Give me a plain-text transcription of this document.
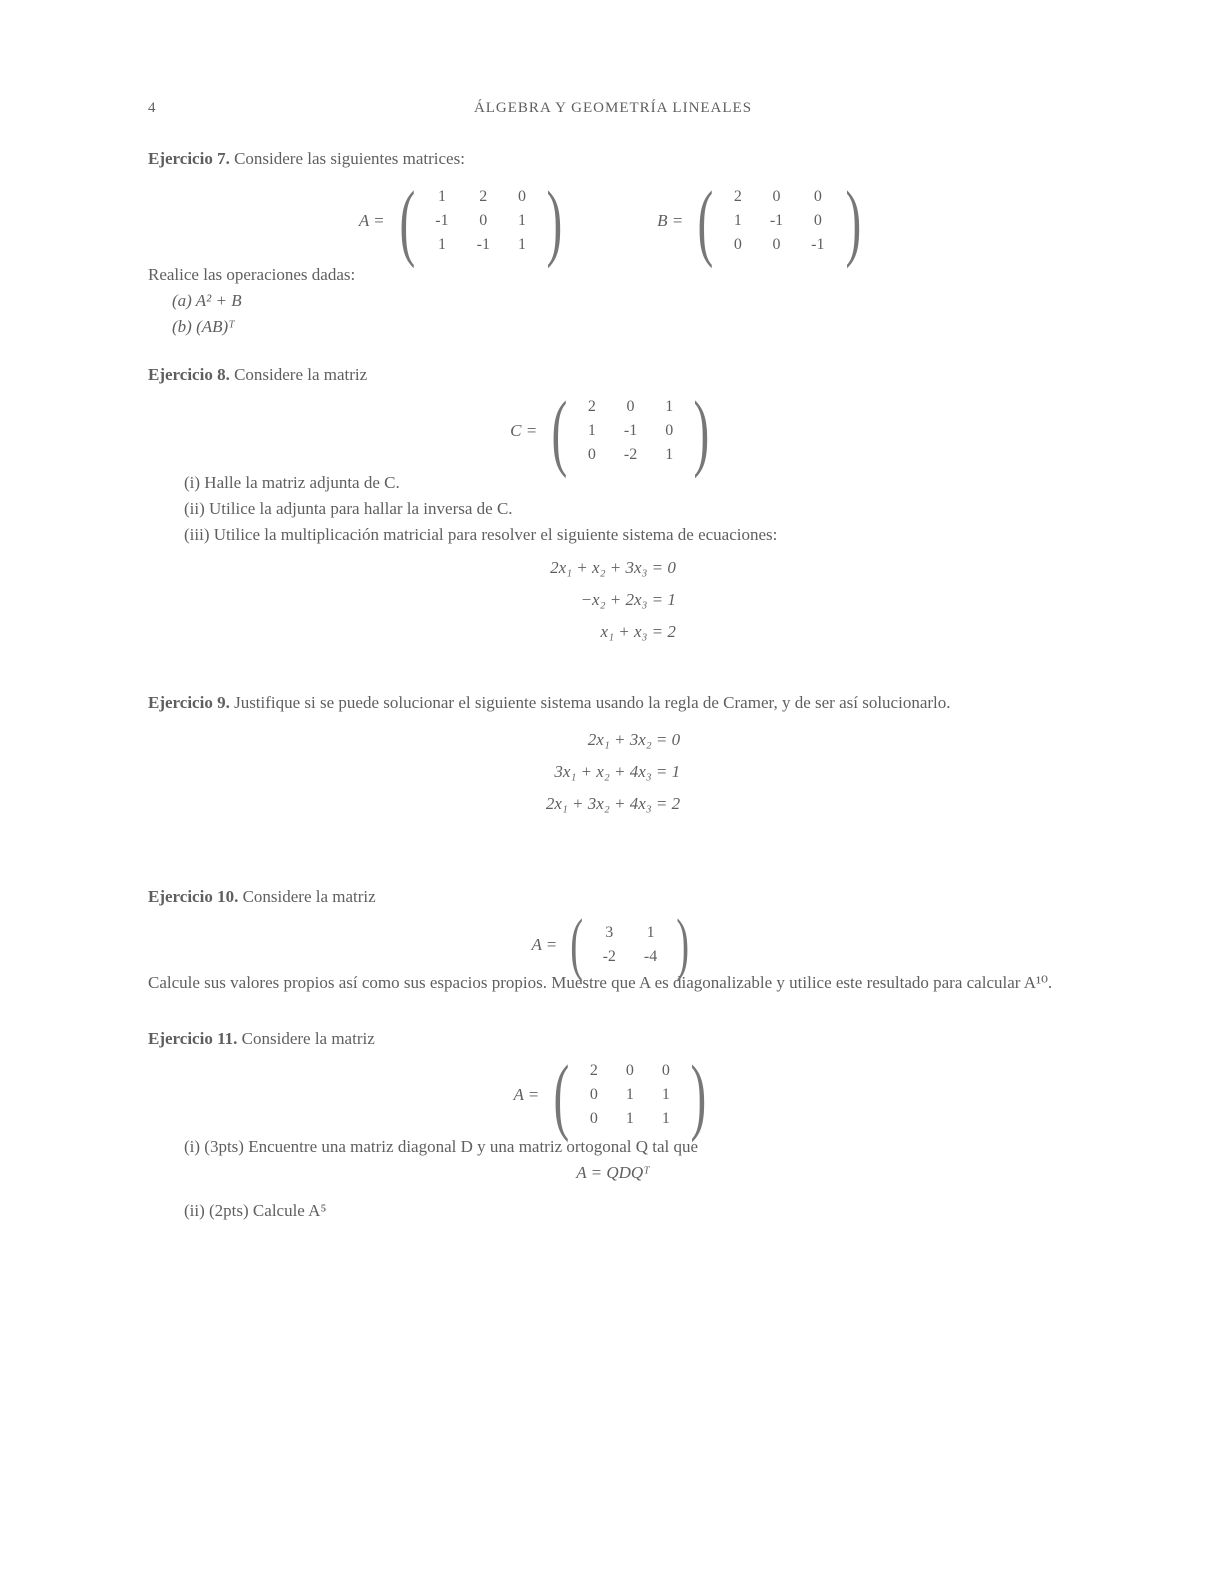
4	ÁLGEBRA Y GEOMETRÍA LINEALES
Ejercicio 7. Considere las siguientes matrices:
A = ( 1	2	0
-1	0	1
1	-1	1 )
	B = ( 2	0	0
1	-1	0
0	0	-1 )
Realice las operaciones dadas:
(a) A² + B
(b) (AB)ᵀ
Ejercicio 8. Considere la matriz
C = ( 2	0	1
1	-1	0
0	-2	1 )
(i) Halle la matriz adjunta de C.
(ii) Utilice la adjunta para hallar la inversa de C.
(iii) Utilice la multiplicación matricial para resolver el siguiente sistema de ecuaciones:
2x₁ + x₂ + 3x₃ = 0
−x₂ + 2x₃ = 1
x₁ + x₃ = 2
Ejercicio 9. Justifique si se puede solucionar el siguiente sistema usando la regla de Cramer, y de ser así solucionarlo.
2x₁ + 3x₂ = 0
3x₁ + x₂ + 4x₃ = 1
2x₁ + 3x₂ + 4x₃ = 2
Ejercicio 10. Considere la matriz
A = ( 3	1
-2	-4 )
Calcule sus valores propios así como sus espacios propios. Muestre que A es diagonalizable y utilice este resultado para calcular A¹⁰.
Ejercicio 11. Considere la matriz
A = ( 2	0	0
0	1	1
0	1	1 )
(i) (3pts) Encuentre una matriz diagonal D y una matriz ortogonal Q tal que
A = QDQᵀ
(ii) (2pts) Calcule A⁵
